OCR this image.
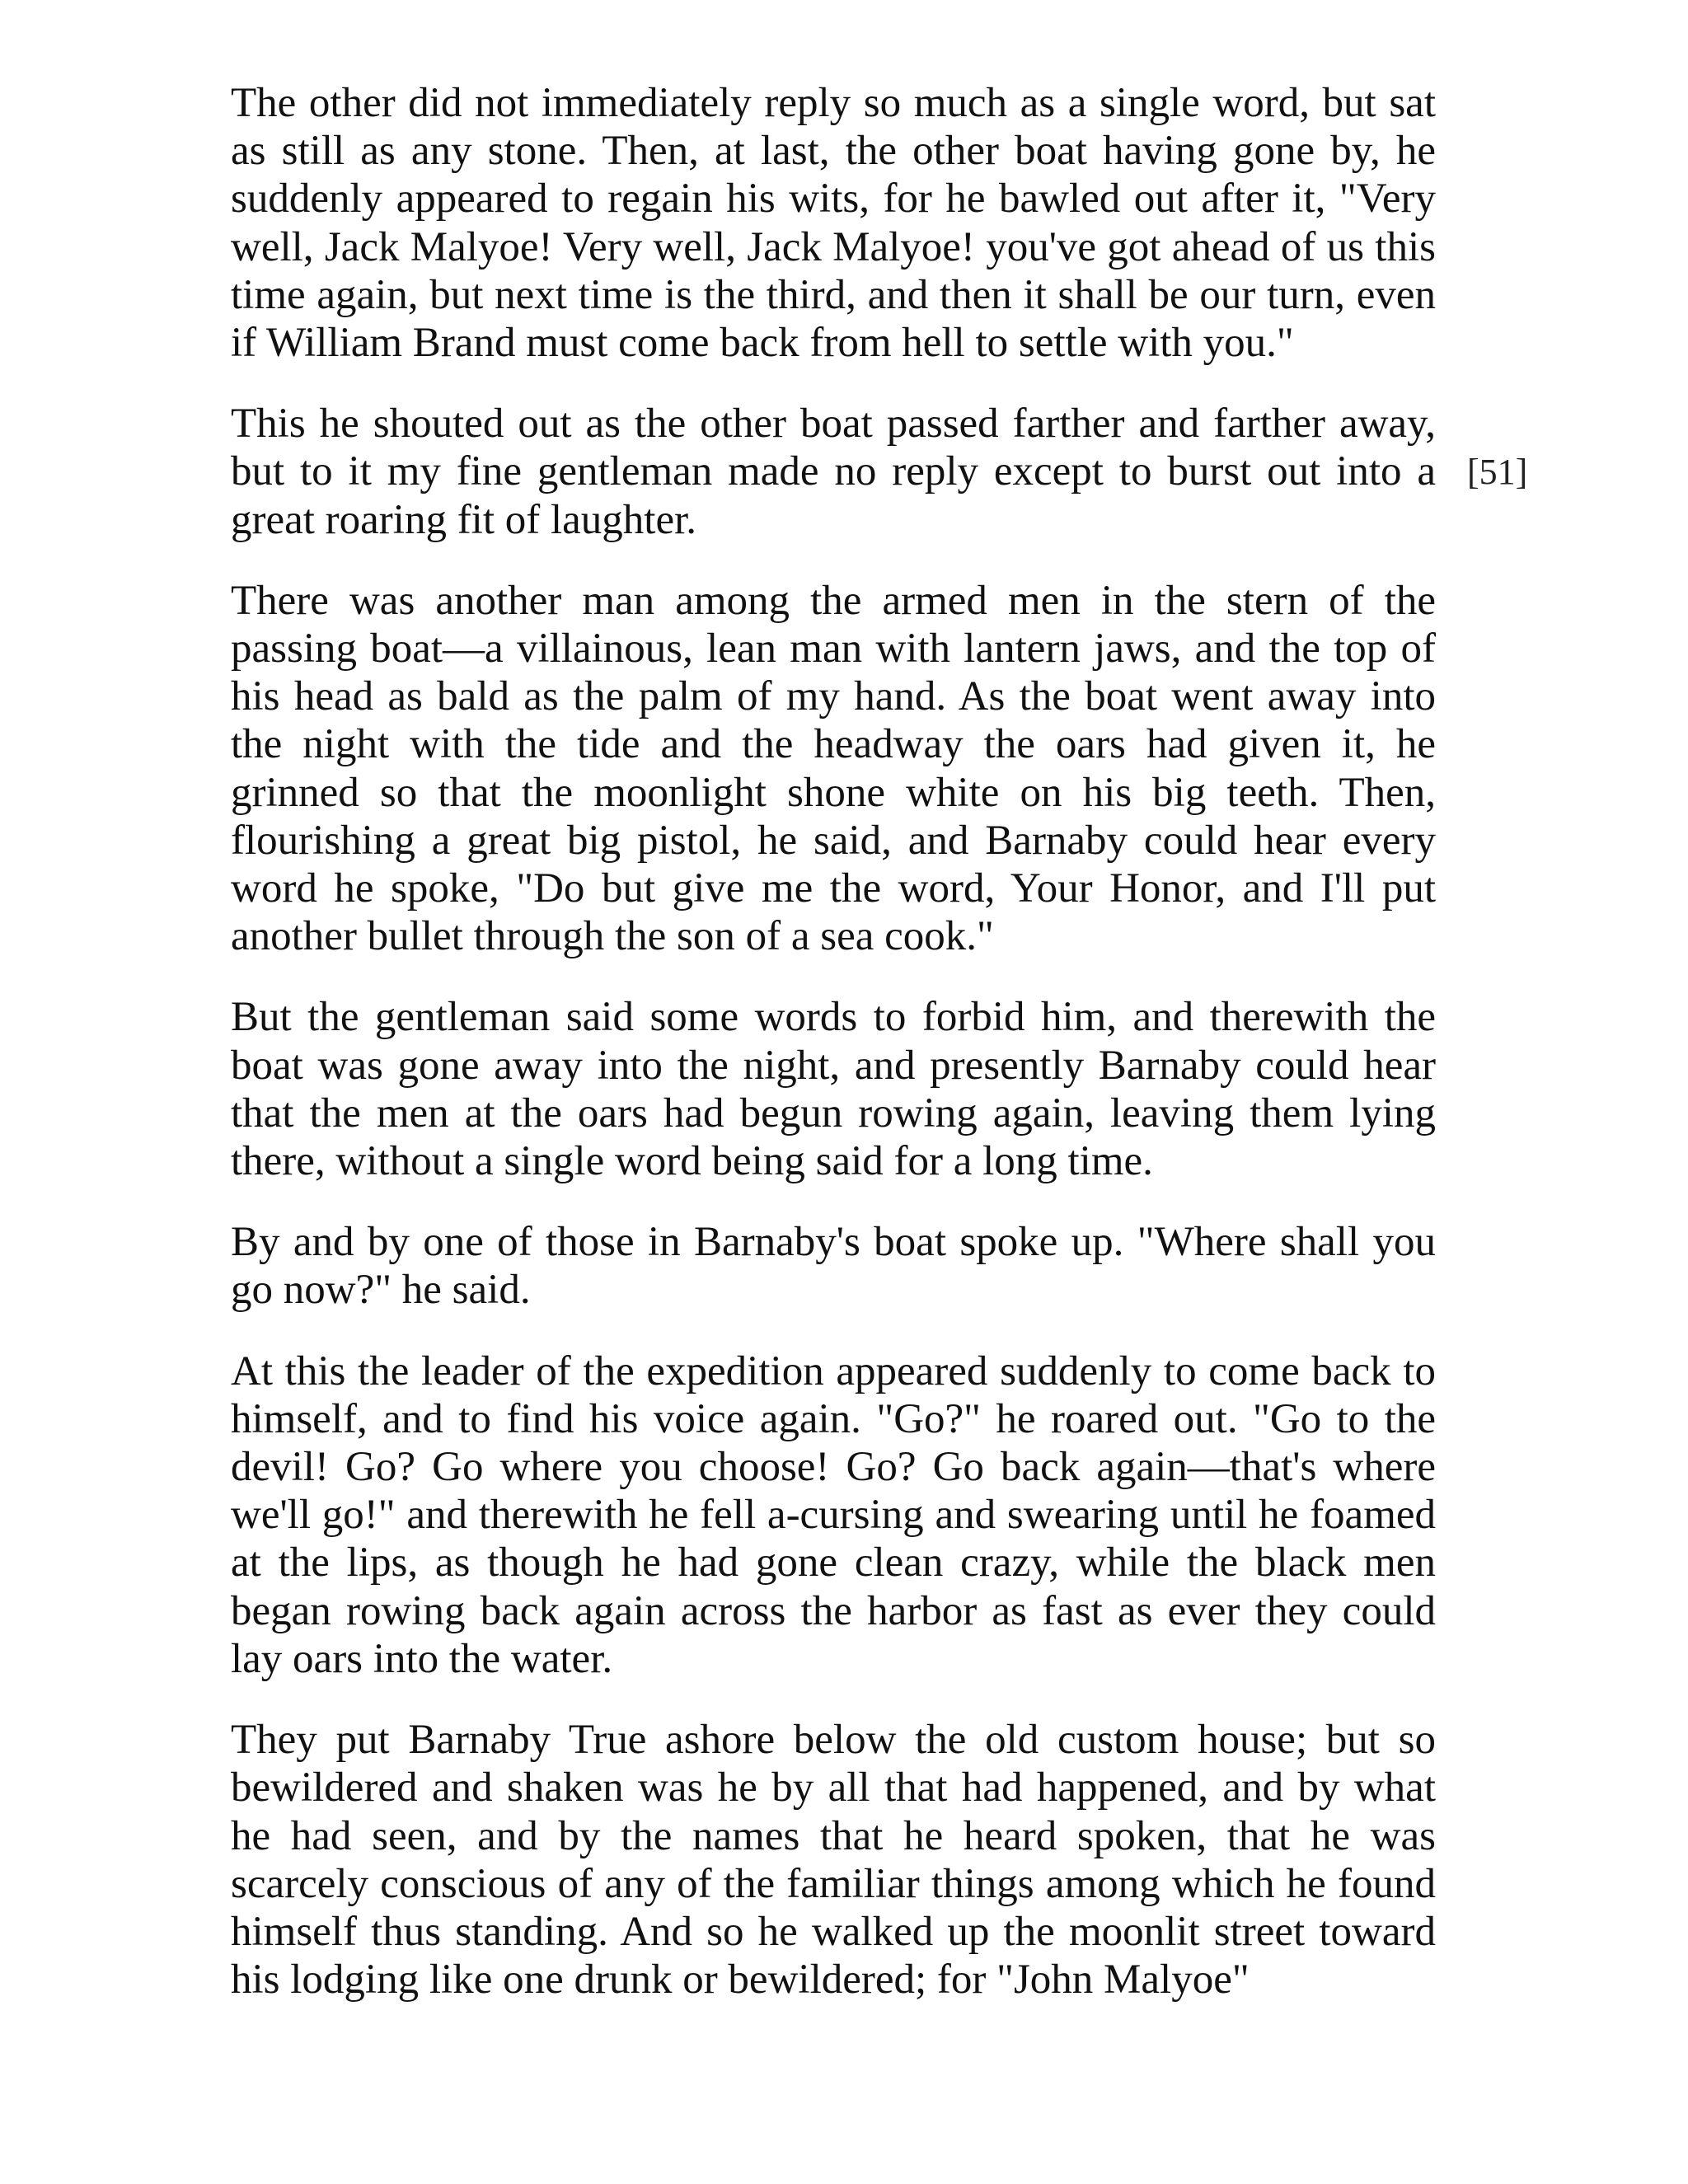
The other did not immediately reply so much as a single word, but sat as still as any stone. Then, at last, the other boat having gone by, he suddenly appeared to regain his wits, for he bawled out after it, "Very well, Jack Malyoe! Very well, Jack Malyoe! you've got ahead of us this time again, but next time is the third, and then it shall be our turn, even if William Brand must come back from hell to settle with you."

This he shouted out as the other boat passed farther and farther away, but to it my fine gentleman made no reply except to burst out into a great roaring fit of laughter.

There was another man among the armed men in the stern of the passing boat—a villainous, lean man with lantern jaws, and the top of his head as bald as the palm of my hand. As the boat went away into the night with the tide and the headway the oars had given it, he grinned so that the moonlight shone white on his big teeth. Then, flourishing a great big pistol, he said, and Barnaby could hear every word he spoke, "Do but give me the word, Your Honor, and I'll put another bullet through the son of a sea cook."

But the gentleman said some words to forbid him, and therewith the boat was gone away into the night, and presently Barnaby could hear that the men at the oars had begun rowing again, leaving them lying there, without a single word being said for a long time.

By and by one of those in Barnaby's boat spoke up. "Where shall you go now?" he said.

At this the leader of the expedition appeared suddenly to come back to himself, and to find his voice again. "Go?" he roared out. "Go to the devil! Go? Go where you choose! Go? Go back again—that's where we'll go!" and therewith he fell a-cursing and swearing until he foamed at the lips, as though he had gone clean crazy, while the black men began rowing back again across the harbor as fast as ever they could lay oars into the water.

They put Barnaby True ashore below the old custom house; but so bewildered and shaken was he by all that had happened, and by what he had seen, and by the names that he heard spoken, that he was scarcely conscious of any of the familiar things among which he found himself thus standing. And so he walked up the moonlit street toward his lodging like one drunk or bewildered; for "John Malyoe"

[51]
